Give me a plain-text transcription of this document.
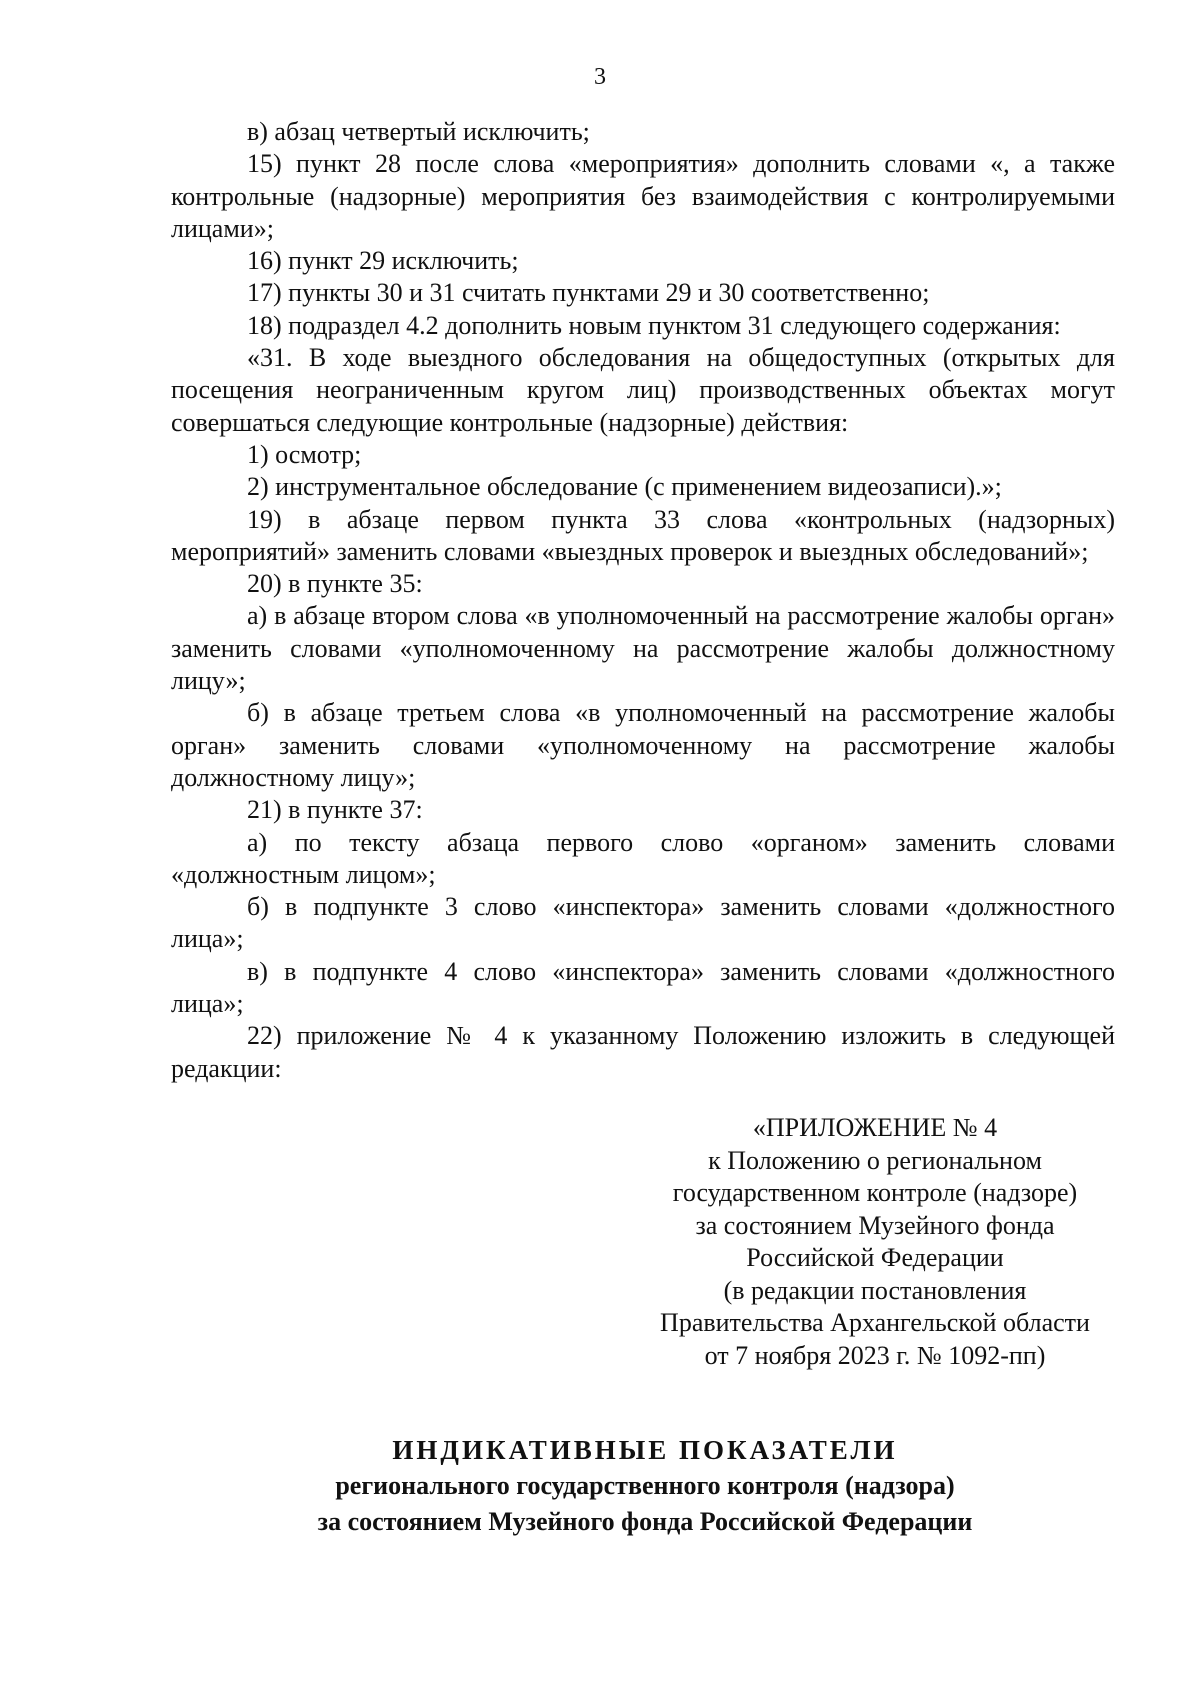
3

в) абзац четвертый исключить;

15) пункт 28 после слова «мероприятия» дополнить словами «, а также контрольные (надзорные) мероприятия без взаимодействия с контролируемыми лицами»;

16) пункт 29 исключить;

17) пункты 30 и 31 считать пунктами 29 и 30 соответственно;

18) подраздел 4.2 дополнить новым пунктом 31 следующего содержания:

«31. В ходе выездного обследования на общедоступных (открытых для посещения неограниченным кругом лиц) производственных объектах могут совершаться следующие контрольные (надзорные) действия:

1) осмотр;

2) инструментальное обследование (с применением видеозаписи).»;

19) в абзаце первом пункта 33 слова «контрольных (надзорных) мероприятий» заменить словами «выездных проверок и выездных обследований»;

20) в пункте 35:

а) в абзаце втором слова «в уполномоченный на рассмотрение жалобы орган» заменить словами «уполномоченному на рассмотрение жалобы должностному лицу»;

б) в абзаце третьем слова «в уполномоченный на рассмотрение жалобы орган» заменить словами «уполномоченному на рассмотрение жалобы должностному лицу»;

21) в пункте 37:

а) по тексту абзаца первого слово «органом» заменить словами «должностным лицом»;

б) в подпункте 3 слово «инспектора» заменить словами «должностного лица»;

в) в подпункте 4 слово «инспектора» заменить словами «должностного лица»;

22) приложение № 4 к указанному Положению изложить в следующей редакции:

«ПРИЛОЖЕНИЕ № 4
к Положению о региональном
государственном контроле (надзоре)
за состоянием Музейного фонда
Российской Федерации
(в редакции постановления
Правительства Архангельской области
от 7 ноября 2023 г. № 1092-пп)
ИНДИКАТИВНЫЕ ПОКАЗАТЕЛИ
регионального государственного контроля (надзора)
за состоянием Музейного фонда Российской Федерации
